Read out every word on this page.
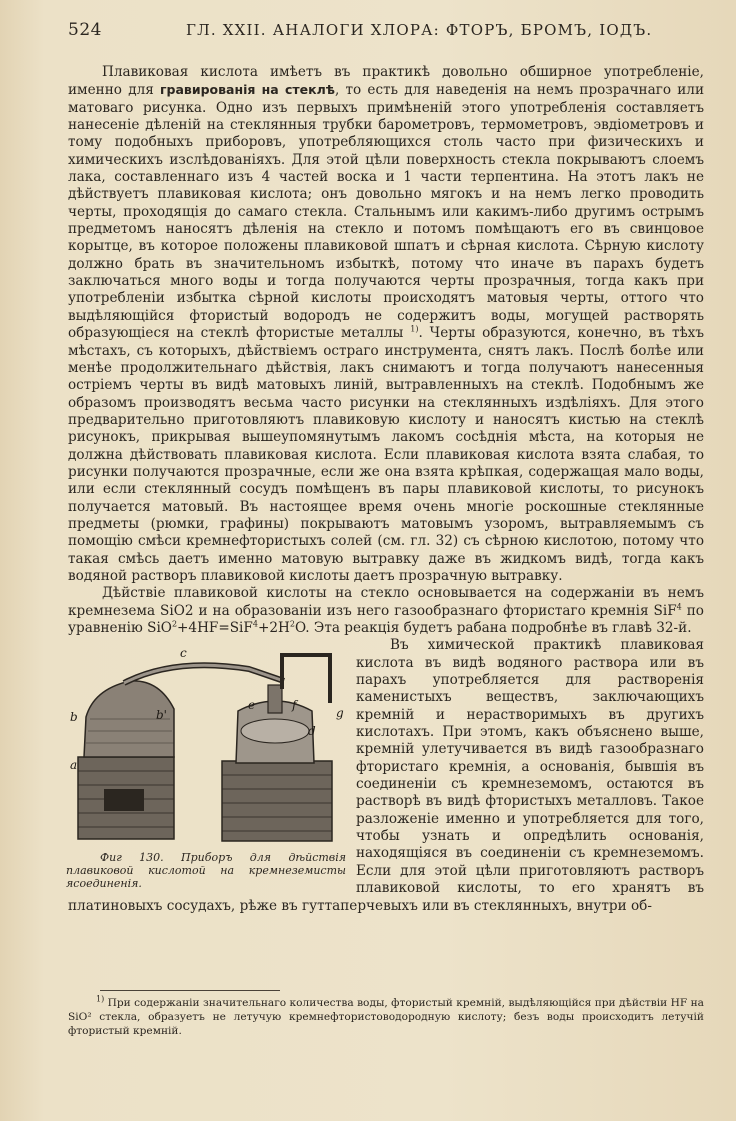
524	ГЛ. XXII. АНАЛОГИ ХЛОРА: ФТОРЪ, БРОМЪ, ІОДЪ.

Плавиковая кислота имѣетъ въ практикѣ довольно обширное употребленіе, именно для гравированія на стеклѣ, то есть для наведенія на немъ прозрачнаго или матоваго рисунка. Одно изъ первыхъ примѣненій этого употребленія составляетъ нанесеніе дѣленій на стеклянныя трубки барометровъ, термометровъ, эвдіометровъ и тому подобныхъ приборовъ, употребляющихся столь часто при физическихъ и химическихъ изслѣдованіяхъ. Для этой цѣли поверхность стекла покрываютъ слоемъ лака, составленнаго изъ 4 частей воска и 1 части терпентина. На этотъ лакъ не дѣйствуетъ плавиковая кислота; онъ довольно мягокъ и на немъ легко проводить черты, проходящія до самаго стекла. Стальнымъ или какимъ-либо другимъ острымъ предметомъ наносятъ дѣленія на стекло и потомъ помѣщаютъ его въ свинцовое корытце, въ которое положены плавиковой шпатъ и сѣрная кислота. Сѣрную кислоту должно брать въ значительномъ избыткѣ, потому что иначе въ парахъ будетъ заключаться много воды и тогда получаются черты прозрачныя, тогда какъ при употребленіи избытка сѣрной кислоты происходятъ матовыя черты, оттого что выдѣляющійся фтористый водородъ не содержитъ воды, могущей растворять образующіеся на стеклѣ фтористые металлы $^{1)}$. Черты образуются, конечно, въ тѣхъ мѣстахъ, съ которыхъ, дѣйствіемъ остраго инструмента, снятъ лакъ. Послѣ болѣе или менѣе продолжительнаго дѣйствія, лакъ снимаютъ и тогда получаютъ нанесенныя остріемъ черты въ видѣ матовыхъ линій, вытравленныхъ на стеклѣ. Подобнымъ же образомъ производятъ весьма часто рисунки на стеклянныхъ издѣліяхъ. Для этого предварительно приготовляютъ плавиковую кислоту и наносятъ кистью на стеклѣ рисунокъ, прикрывая вышеупомянутымъ лакомъ сосѣднія мѣста, на которыя не должна дѣйствовать плавиковая кислота. Если плавиковая кислота взята слабая, то рисунки получаются прозрачные, если же она взята крѣпкая, содержащая мало воды, или если стеклянный сосудъ помѣщенъ въ пары плавиковой кислоты, то рисунокъ получается матовый. Въ настоящее время очень многіе роскошные стеклянные предметы (рюмки, графины) покрываютъ матовымъ узоромъ, вытравляемымъ съ помощію смѣси кремнефтористыхъ солей (см. гл. 32) съ сѣрною кислотою, потому что такая смѣсь даетъ именно матовую вытравку даже въ жидкомъ видѣ, тогда какъ водяной растворъ плавиковой кислоты даетъ прозрачную вытравку.

Дѣйствіе плавиковой кислоты на стекло основывается на содержаніи въ немъ кремнезема SiO2 и на образованіи изъ него газообразнаго фтористаго кремнія SiF$^4$ по уравненію $SiO^2+4HF=SiF^4+2H^2O$. Эта реакція будетъ рабана подробнѣе въ главѣ 32-й.

c
b	b'
a
e	f
d
g
Фиг 130. Приборъ для дѣйствія плавиковой кислотой на кремнеземисты ясоединенія.
Въ химической практикѣ плавиковая кислота въ видѣ водяного раствора или въ парахъ употребляется для растворенія каменистыхъ веществъ, заключающихъ кремній и нерастворимыхъ въ другихъ кислотахъ. При этомъ, какъ объяснено выше, кремній улетучивается въ видѣ газообразнаго фтористаго кремнія, а основанія, бывшія въ соединеніи съ кремнеземомъ, остаются въ растворѣ въ видѣ фтористыхъ металловъ. Такое разложеніе именно и употребляется для того, чтобы узнать и опредѣлить основанія, находящіяся въ соединеніи съ кремнеземомъ. Если для этой цѣли приготовляютъ растворъ плавиковой кислоты, то его хранятъ въ платиновыхъ сосудахъ, рѣже въ гуттаперчевыхъ или въ стеклянныхъ, внутри об-

$^{1)}$ При содержаніи значительнаго количества воды, фтористый кремній, выдѣляющійся при дѣйствіи HF на SiO² стекла, образуетъ не летучую кремнефтористоводородную кислоту; безъ воды происходитъ летучій фтористый кремній.
